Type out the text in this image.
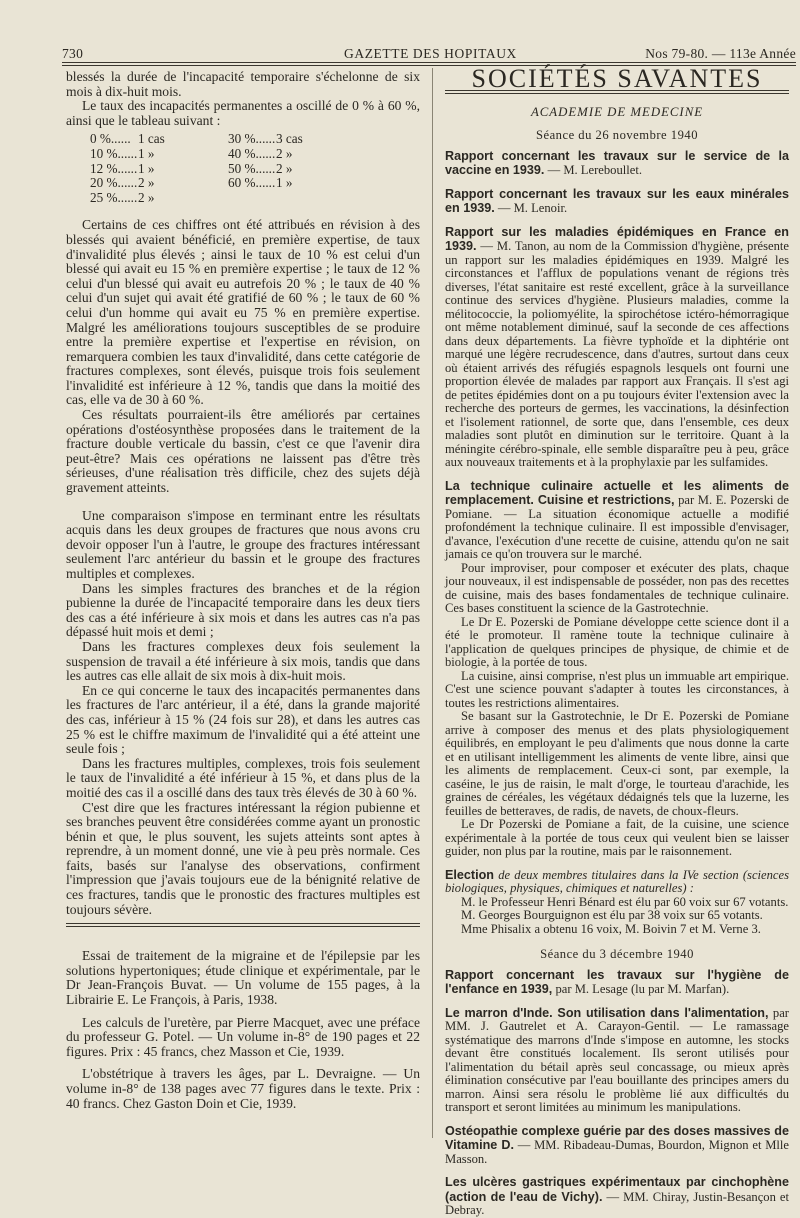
730	GAZETTE DES HOPITAUX	Nos 79-80. — 113e Année

blessés la durée de l'incapacité temporaire s'échelonne de six mois à dix-huit mois.

Le taux des incapacités permanentes a oscillé de 0 % à 60 %, ainsi que le tableau suivant :

0 %...... 1 cas	30 %...... 3 cas
10 %...... 1 »	40 %...... 2 »
12 %...... 1 »	50 %...... 2 »
20 %...... 2 »	60 %...... 1 »
25 %...... 2 »

Certains de ces chiffres ont été attribués en révision à des blessés qui avaient bénéficié, en première expertise, de taux d'invalidité plus élevés ; ainsi le taux de 10 % est celui d'un blessé qui avait eu 15 % en première expertise ; le taux de 12 % celui d'un blessé qui avait eu autrefois 20 % ; le taux de 40 % celui d'un sujet qui avait été gratifié de 60 % ; le taux de 60 % celui d'un homme qui avait eu 75 % en première expertise. Malgré les améliorations toujours susceptibles de se produire entre la première expertise et l'expertise en révision, on remarquera combien les taux d'invalidité, dans cette catégorie de fractures complexes, sont élevés, puisque trois fois seulement l'invalidité est inférieure à 12 %, tandis que dans la moitié des cas, elle va de 30 à 60 %.

Ces résultats pourraient-ils être améliorés par certaines opérations d'ostéosynthèse proposées dans le traitement de la fracture double verticale du bassin, c'est ce que l'avenir dira peut-être? Mais ces opérations ne laissent pas d'être très sérieuses, d'une réalisation très difficile, chez des sujets déjà gravement atteints.

Une comparaison s'impose en terminant entre les résultats acquis dans les deux groupes de fractures que nous avons cru devoir opposer l'un à l'autre, le groupe des fractures intéressant seulement l'arc antérieur du bassin et le groupe des fractures multiples et complexes.

Dans les simples fractures des branches et de la région pubienne la durée de l'incapacité temporaire dans les deux tiers des cas a été inférieure à six mois et dans les autres cas n'a pas dépassé huit mois et demi ;

Dans les fractures complexes deux fois seulement la suspension de travail a été inférieure à six mois, tandis que dans les autres cas elle allait de six mois à dix-huit mois.

En ce qui concerne le taux des incapacités permanentes dans les fractures de l'arc antérieur, il a été, dans la grande majorité des cas, inférieur à 15 % (24 fois sur 28), et dans les autres cas 25 % est le chiffre maximum de l'invalidité qui a été atteint une seule fois ;

Dans les fractures multiples, complexes, trois fois seulement le taux de l'invalidité a été inférieur à 15 %, et dans plus de la moitié des cas il a oscillé dans des taux très élevés de 30 à 60 %.

C'est dire que les fractures intéressant la région pubienne et ses branches peuvent être considérées comme ayant un pronostic bénin et que, le plus souvent, les sujets atteints sont aptes à reprendre, à un moment donné, une vie à peu près normale. Ces faits, basés sur l'analyse des observations, confirment l'impression que j'avais toujours eue de la bénignité relative de ces fractures, tandis que le pronostic des fractures multiples est toujours sévère.

Essai de traitement de la migraine et de l'épilepsie par les solutions hypertoniques; étude clinique et expérimentale, par le Dr Jean-François Buvat. — Un volume de 155 pages, à la Librairie E. Le François, à Paris, 1938.

Les calculs de l'uretère, par Pierre Macquet, avec une préface du professeur G. Potel. — Un volume in-8° de 190 pages et 22 figures. Prix : 45 francs, chez Masson et Cie, 1939.

L'obstétrique à travers les âges, par L. Devraigne. — Un volume in-8° de 138 pages avec 77 figures dans le texte. Prix : 40 francs. Chez Gaston Doin et Cie, 1939.

SOCIÉTÉS SAVANTES
ACADEMIE DE MEDECINE
Séance du 26 novembre 1940

Rapport concernant les travaux sur le service de la vaccine en 1939. — M. Lereboullet.

Rapport concernant les travaux sur les eaux minérales en 1939. — M. Lenoir.

Rapport sur les maladies épidémiques en France en 1939. — M. Tanon, au nom de la Commission d'hygiène, présente un rapport sur les maladies épidémiques en 1939. Malgré les circonstances et l'afflux de populations venant de régions très diverses, l'état sanitaire est resté excellent, grâce à la surveillance continue des services d'hygiène. Plusieurs maladies, comme la mélitococcie, la poliomyélite, la spirochétose ictéro-hémorragique ont même notablement diminué, sauf la seconde de ces affections dans deux départements. La fièvre typhoïde et la diphtérie ont marqué une légère recrudescence, dans d'autres, surtout dans ceux où étaient arrivés des réfugiés espagnols lesquels ont fourni une proportion élevée de malades par rapport aux Français. Il s'est agi de petites épidémies dont on a pu toujours éviter l'extension avec la recherche des porteurs de germes, les vaccinations, la désinfection et l'isolement rationnel, de sorte que, dans l'ensemble, ces deux maladies sont plutôt en diminution sur le territoire. Quant à la méningite cérébro-spinale, elle semble disparaître peu à peu, grâce aux nouveaux traitements et à la prophylaxie par les sulfamides.

La technique culinaire actuelle et les aliments de remplacement. Cuisine et restrictions, par M. E. Pozerski de Pomiane. — La situation économique actuelle a modifié profondément la technique culinaire. Il est impossible d'envisager, d'avance, l'exécution d'une recette de cuisine, attendu qu'on ne sait jamais ce qu'on trouvera sur le marché.

Pour improviser, pour composer et exécuter des plats, chaque jour nouveaux, il est indispensable de posséder, non pas des recettes de cuisine, mais des bases fondamentales de technique culinaire. Ces bases constituent la science de la Gastrotechnie.

Le Dr E. Pozerski de Pomiane développe cette science dont il a été le promoteur. Il ramène toute la technique culinaire à l'application de quelques principes de physique, de chimie et de biologie, à la portée de tous.

La cuisine, ainsi comprise, n'est plus un immuable art empirique. C'est une science pouvant s'adapter à toutes les circonstances, à toutes les restrictions alimentaires.

Se basant sur la Gastrotechnie, le Dr E. Pozerski de Pomiane arrive à composer des menus et des plats physiologiquement équilibrés, en employant le peu d'aliments que nous donne la carte et en utilisant intelligemment les aliments de vente libre, ainsi que les aliments de remplacement. Ceux-ci sont, par exemple, la caséine, le jus de raisin, le malt d'orge, le tourteau d'arachide, les graines de céréales, les végétaux dédaignés tels que la luzerne, les feuilles de betteraves, de radis, de navets, de choux-fleurs.

Le Dr Pozerski de Pomiane a fait, de la cuisine, une science expérimentale à la portée de tous ceux qui veulent bien se laisser guider, non plus par la routine, mais par le raisonnement.

Election de deux membres titulaires dans la IVe section (sciences biologiques, physiques, chimiques et naturelles) :

M. le Professeur Henri Bénard est élu par 60 voix sur 67 votants.

M. Georges Bourguignon est élu par 38 voix sur 65 votants.

Mme Phisalix a obtenu 16 voix, M. Boivin 7 et M. Verne 3.

Séance du 3 décembre 1940

Rapport concernant les travaux sur l'hygiène de l'enfance en 1939, par M. Lesage (lu par M. Marfan).

Le marron d'Inde. Son utilisation dans l'alimentation, par MM. J. Gautrelet et A. Carayon-Gentil. — Le ramassage systématique des marrons d'Inde s'impose en automne, les stocks devant être constitués localement. Ils seront utilisés pour l'alimentation du bétail après seul concassage, ou mieux après élimination consécutive par l'eau bouillante des principes amers du marron. Ainsi sera résolu le problème lié aux difficultés du transport et seront limitées au minimum les manipulations.

Ostéopathie complexe guérie par des doses massives de Vitamine D. — MM. Ribadeau-Dumas, Bourdon, Mignon et Mlle Masson.

Les ulcères gastriques expérimentaux par cinchophène (action de l'eau de Vichy). — MM. Chiray, Justin-Besançon et Debray.
